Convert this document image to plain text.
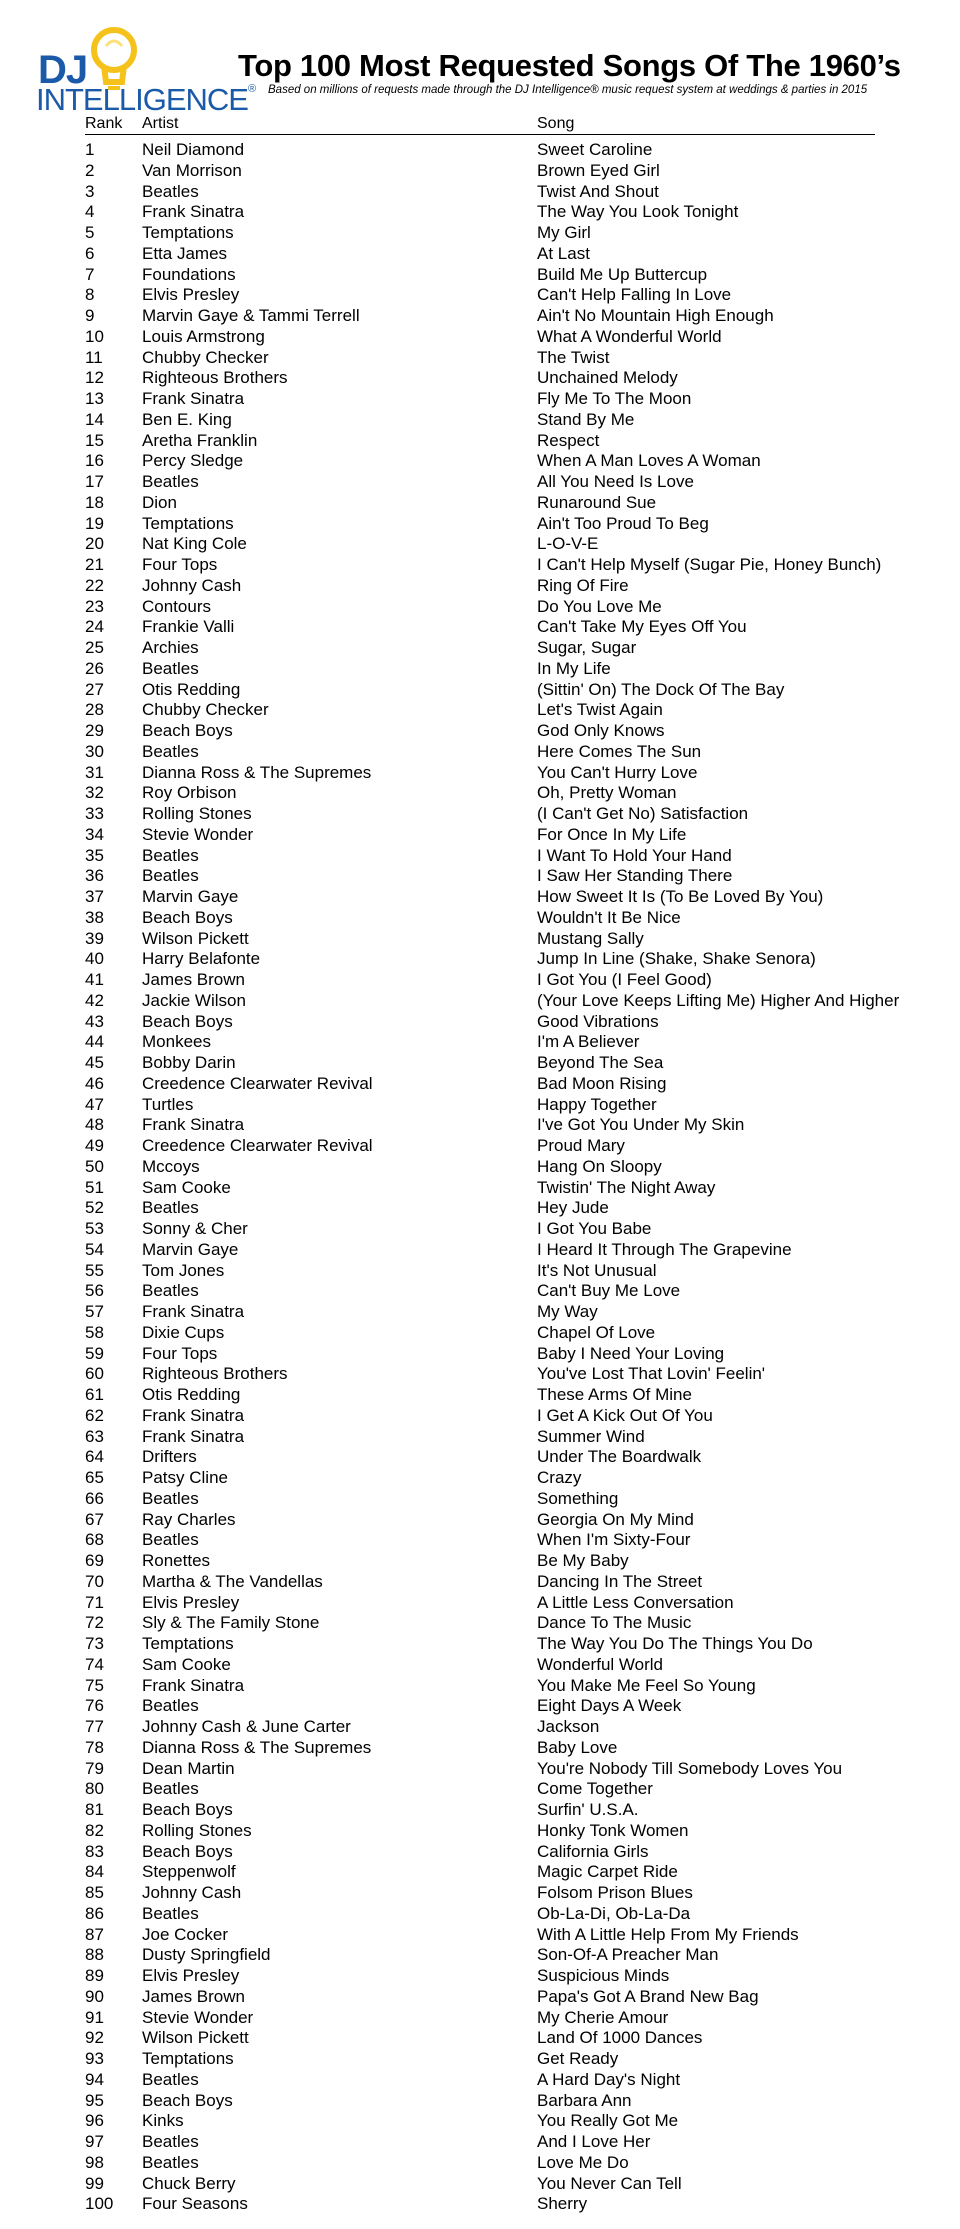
DJ
INTELLIGENCE®
Top 100 Most Requested Songs Of The 1960’s
Based on millions of requests made through the DJ Intelligence® music request system at weddings & parties in 2015
Rank Artist	Song
1	Neil Diamond	Sweet Caroline
2	Van Morrison	Brown Eyed Girl
3	Beatles	Twist And Shout
4	Frank Sinatra	The Way You Look Tonight
5	Temptations	My Girl
6	Etta James	At Last
7	Foundations	Build Me Up Buttercup
8	Elvis Presley	Can't Help Falling In Love
9	Marvin Gaye & Tammi Terrell	Ain't No Mountain High Enough
10 Louis Armstrong	What A Wonderful World
11 Chubby Checker	The Twist
12 Righteous Brothers	Unchained Melody
13 Frank Sinatra	Fly Me To The Moon
14 Ben E. King	Stand By Me
15 Aretha Franklin	Respect
16 Percy Sledge	When A Man Loves A Woman
17 Beatles	All You Need Is Love
18 Dion	Runaround Sue
19 Temptations	Ain't Too Proud To Beg
20 Nat King Cole	L-O-V-E
21 Four Tops	I Can't Help Myself (Sugar Pie, Honey Bunch)
22 Johnny Cash	Ring Of Fire
23 Contours	Do You Love Me
24 Frankie Valli	Can't Take My Eyes Off You
25 Archies	Sugar, Sugar
26 Beatles	In My Life
27 Otis Redding	(Sittin' On) The Dock Of The Bay
28 Chubby Checker	Let's Twist Again
29 Beach Boys	God Only Knows
30 Beatles	Here Comes The Sun
31 Dianna Ross & The Supremes	You Can't Hurry Love
32 Roy Orbison	Oh, Pretty Woman
33 Rolling Stones	(I Can't Get No) Satisfaction
34 Stevie Wonder	For Once In My Life
35 Beatles	I Want To Hold Your Hand
36 Beatles	I Saw Her Standing There
37 Marvin Gaye	How Sweet It Is (To Be Loved By You)
38 Beach Boys	Wouldn't It Be Nice
39 Wilson Pickett	Mustang Sally
40 Harry Belafonte	Jump In Line (Shake, Shake Senora)
41 James Brown	I Got You (I Feel Good)
42 Jackie Wilson	(Your Love Keeps Lifting Me) Higher And Higher
43 Beach Boys	Good Vibrations
44 Monkees	I'm A Believer
45 Bobby Darin	Beyond The Sea
46 Creedence Clearwater Revival	Bad Moon Rising
47 Turtles	Happy Together
48 Frank Sinatra	I've Got You Under My Skin
49 Creedence Clearwater Revival	Proud Mary
50 Mccoys	Hang On Sloopy
51 Sam Cooke	Twistin' The Night Away
52 Beatles	Hey Jude
53 Sonny & Cher	I Got You Babe
54 Marvin Gaye	I Heard It Through The Grapevine
55 Tom Jones	It's Not Unusual
56 Beatles	Can't Buy Me Love
57 Frank Sinatra	My Way
58 Dixie Cups	Chapel Of Love
59 Four Tops	Baby I Need Your Loving
60 Righteous Brothers	You've Lost That Lovin' Feelin'
61 Otis Redding	These Arms Of Mine
62 Frank Sinatra	I Get A Kick Out Of You
63 Frank Sinatra	Summer Wind
64 Drifters	Under The Boardwalk
65 Patsy Cline	Crazy
66 Beatles	Something
67 Ray Charles	Georgia On My Mind
68 Beatles	When I'm Sixty-Four
69 Ronettes	Be My Baby
70 Martha & The Vandellas	Dancing In The Street
71 Elvis Presley	A Little Less Conversation
72 Sly & The Family Stone	Dance To The Music
73 Temptations	The Way You Do The Things You Do
74 Sam Cooke	Wonderful World
75 Frank Sinatra	You Make Me Feel So Young
76 Beatles	Eight Days A Week
77 Johnny Cash & June Carter	Jackson
78 Dianna Ross & The Supremes	Baby Love
79 Dean Martin	You're Nobody Till Somebody Loves You
80 Beatles	Come Together
81 Beach Boys	Surfin' U.S.A.
82 Rolling Stones	Honky Tonk Women
83 Beach Boys	California Girls
84 Steppenwolf	Magic Carpet Ride
85 Johnny Cash	Folsom Prison Blues
86 Beatles	Ob-La-Di, Ob-La-Da
87 Joe Cocker	With A Little Help From My Friends
88 Dusty Springfield	Son-Of-A Preacher Man
89 Elvis Presley	Suspicious Minds
90 James Brown	Papa's Got A Brand New Bag
91 Stevie Wonder	My Cherie Amour
92 Wilson Pickett	Land Of 1000 Dances
93 Temptations	Get Ready
94 Beatles	A Hard Day's Night
95 Beach Boys	Barbara Ann
96 Kinks	You Really Got Me
97 Beatles	And I Love Her
98 Beatles	Love Me Do
99 Chuck Berry	You Never Can Tell
100 Four Seasons	Sherry
